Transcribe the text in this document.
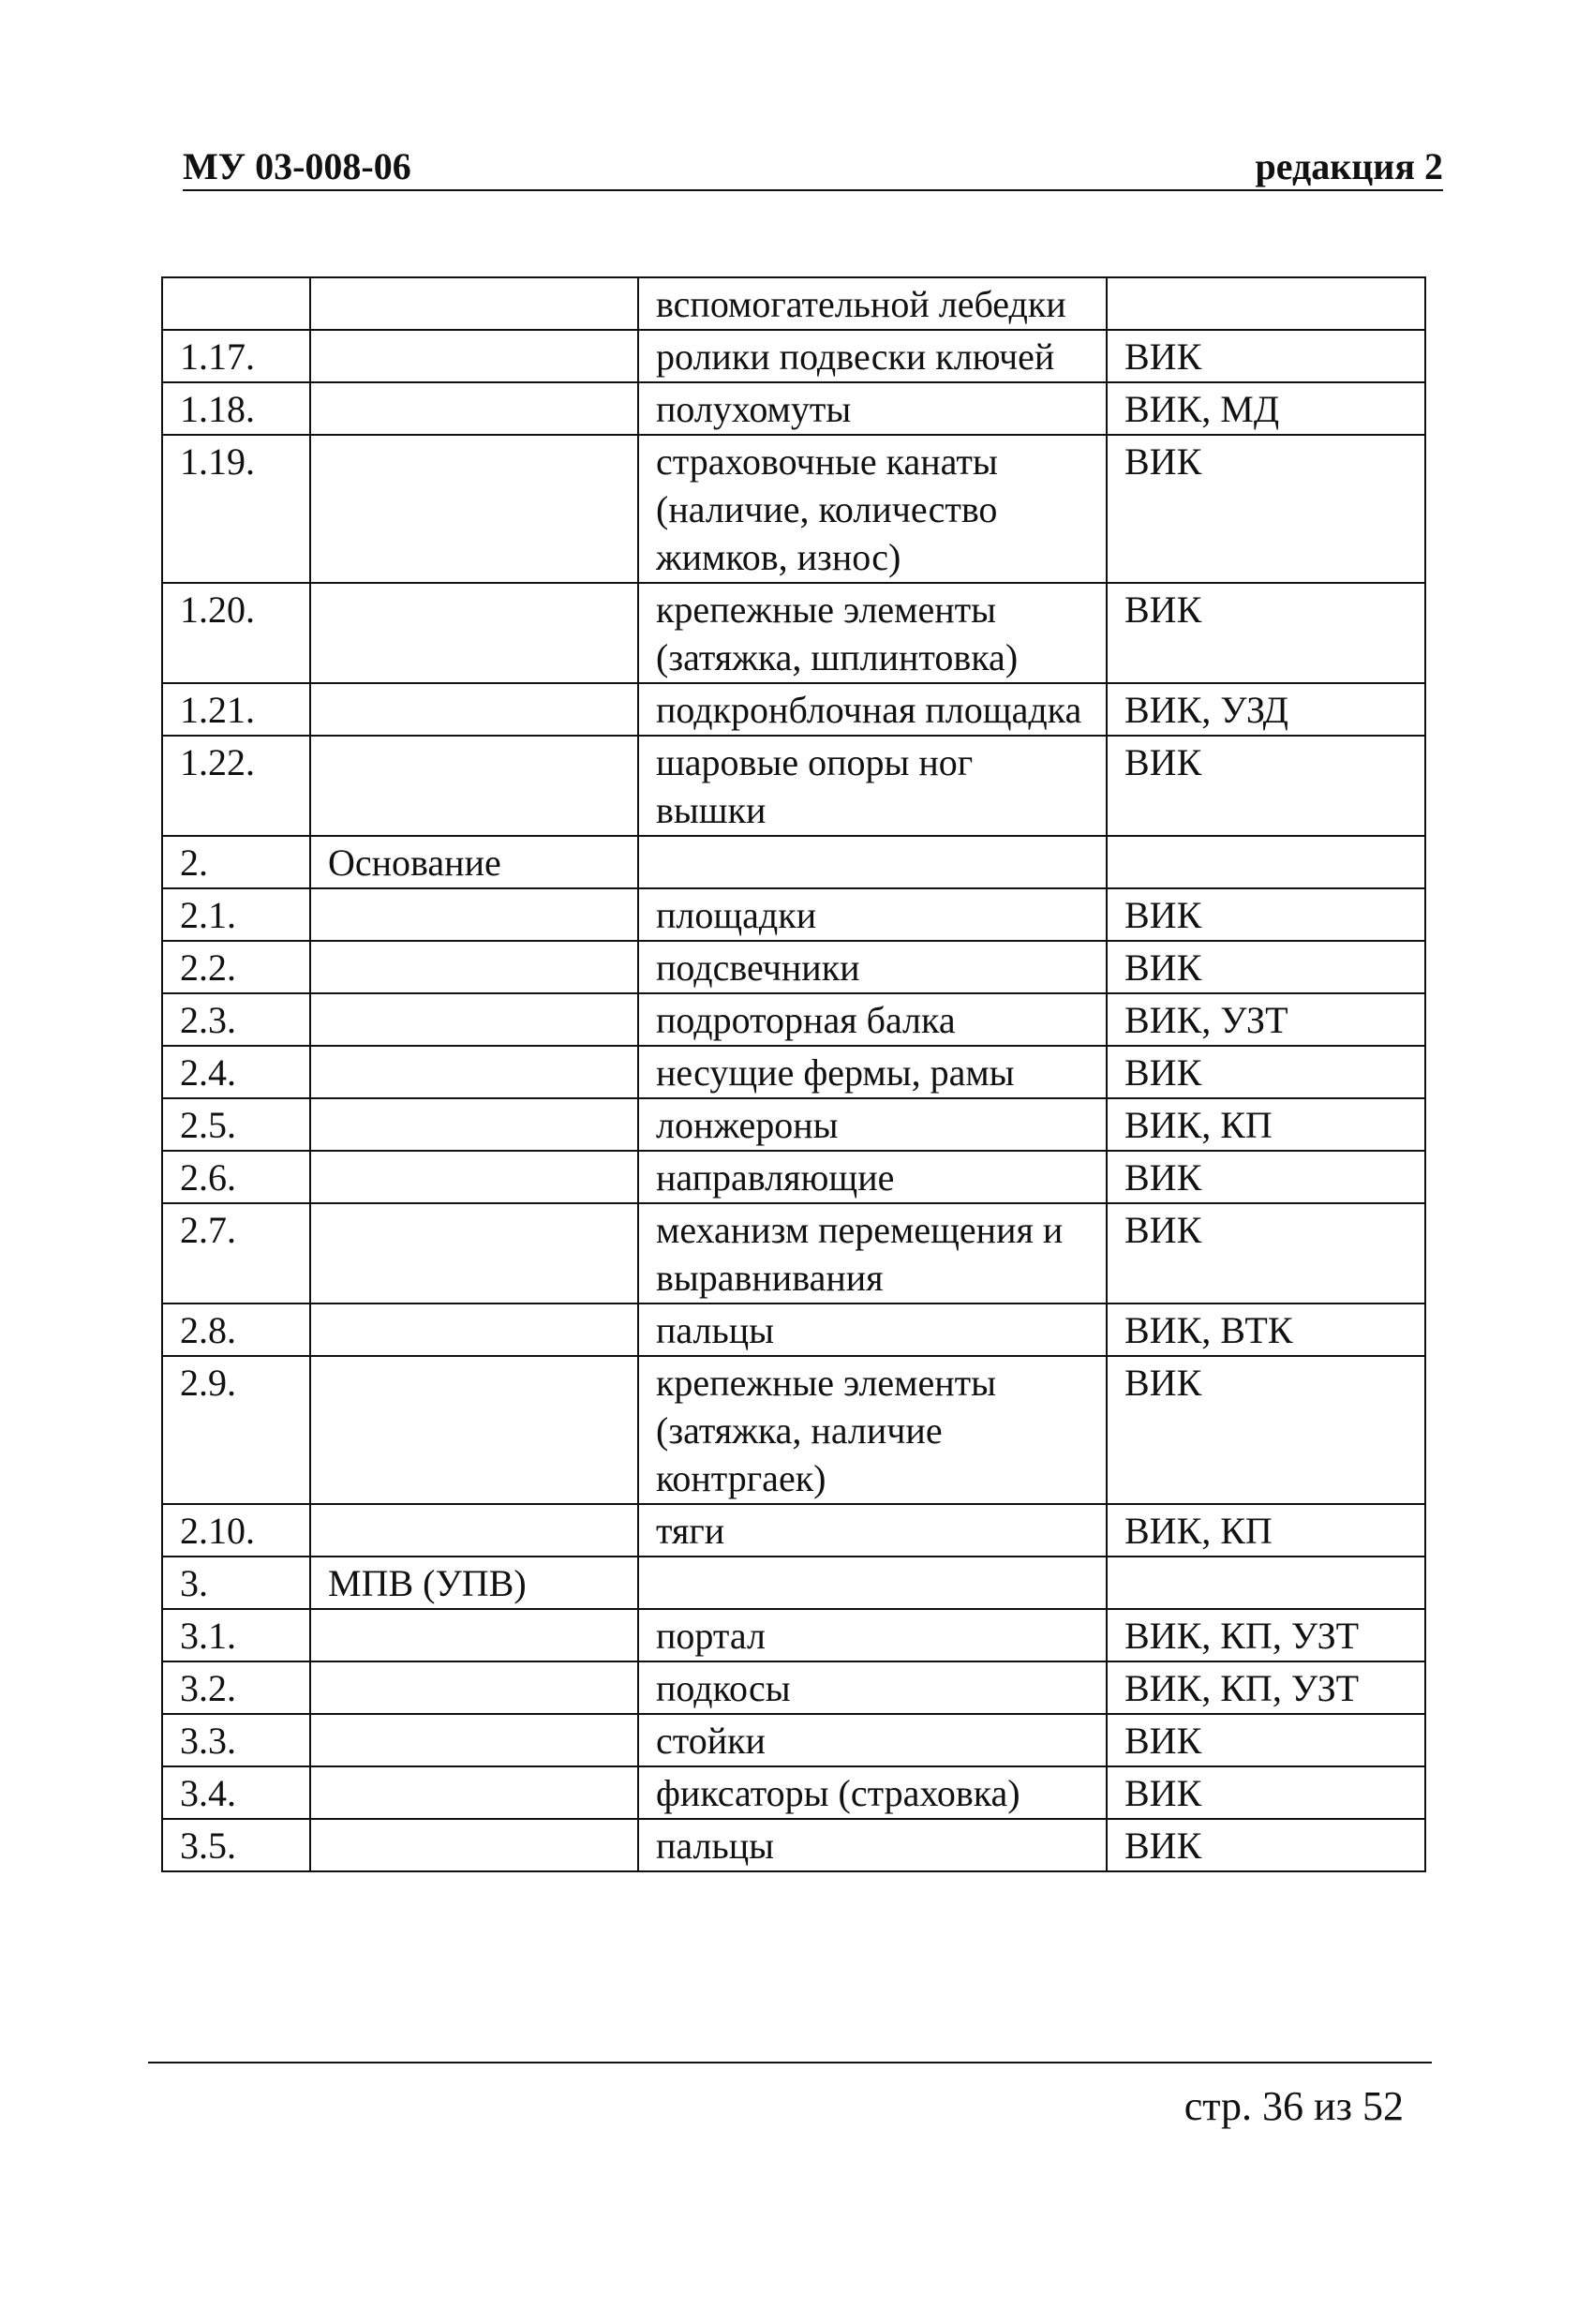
МУ 03-008-06	редакция 2
		вспомогательной лебедки	
1.17.		ролики подвески ключей	ВИК
1.18.		полухомуты	ВИК, МД
1.19.		страховочные канаты (наличие, количество жимков, износ)	ВИК
1.20.		крепежные элементы (затяжка, шплинтовка)	ВИК
1.21.		подкронблочная площадка	ВИК, УЗД
1.22.		шаровые опоры ног вышки	ВИК
2.	Основание		
2.1.		площадки	ВИК
2.2.		подсвечники	ВИК
2.3.		подроторная балка	ВИК, УЗТ
2.4.		несущие фермы, рамы	ВИК
2.5.		лонжероны	ВИК, КП
2.6.		направляющие	ВИК
2.7.		механизм перемещения и выравнивания	ВИК
2.8.		пальцы	ВИК, ВТК
2.9.		крепежные элементы (затяжка, наличие контргаек)	ВИК
2.10.		тяги	ВИК, КП
3.	МПВ (УПВ)		
3.1.		портал	ВИК, КП, УЗТ
3.2.		подкосы	ВИК, КП, УЗТ
3.3.		стойки	ВИК
3.4.		фиксаторы (страховка)	ВИК
3.5.		пальцы	ВИК
стр. 36 из 52
